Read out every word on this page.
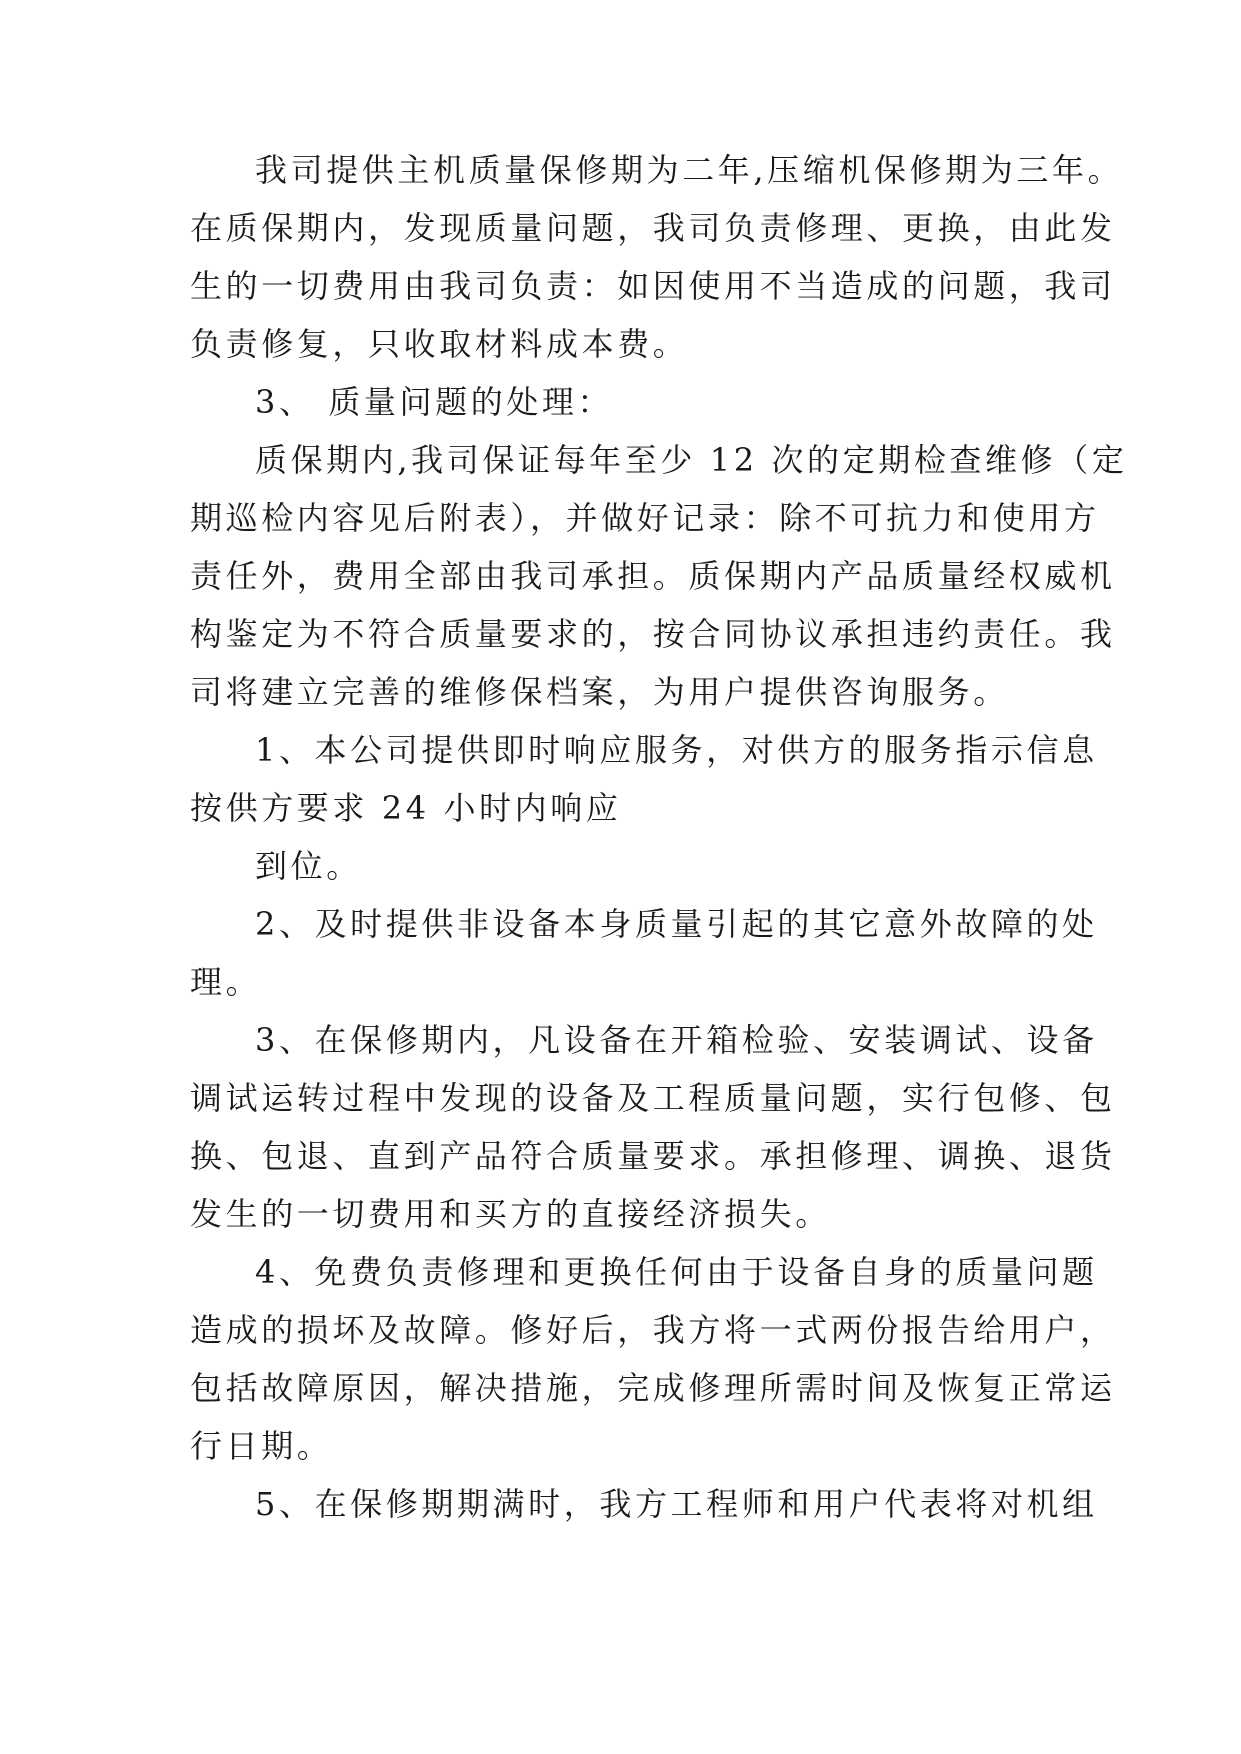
我司提供主机质量保修期为二年,压缩机保修期为三年。
在质保期内，发现质量问题，我司负责修理、更换，由此发
生的一切费用由我司负责：如因使用不当造成的问题，我司
负责修复，只收取材料成本费。
3、 质量问题的处理：
质保期内,我司保证每年至少 12 次的定期检查维修（定
期巡检内容见后附表），并做好记录：除不可抗力和使用方
责任外，费用全部由我司承担。质保期内产品质量经权威机
构鉴定为不符合质量要求的，按合同协议承担违约责任。我
司将建立完善的维修保档案，为用户提供咨询服务。
1、本公司提供即时响应服务，对供方的服务指示信息
按供方要求 24 小时内响应
到位。
2、及时提供非设备本身质量引起的其它意外故障的处
理。
3、在保修期内，凡设备在开箱检验、安装调试、设备
调试运转过程中发现的设备及工程质量问题，实行包修、包
换、包退、直到产品符合质量要求。承担修理、调换、退货
发生的一切费用和买方的直接经济损失。
4、免费负责修理和更换任何由于设备自身的质量问题
造成的损坏及故障。修好后，我方将一式两份报告给用户，
包括故障原因，解决措施，完成修理所需时间及恢复正常运
行日期。
5、在保修期期满时，我方工程师和用户代表将对机组
